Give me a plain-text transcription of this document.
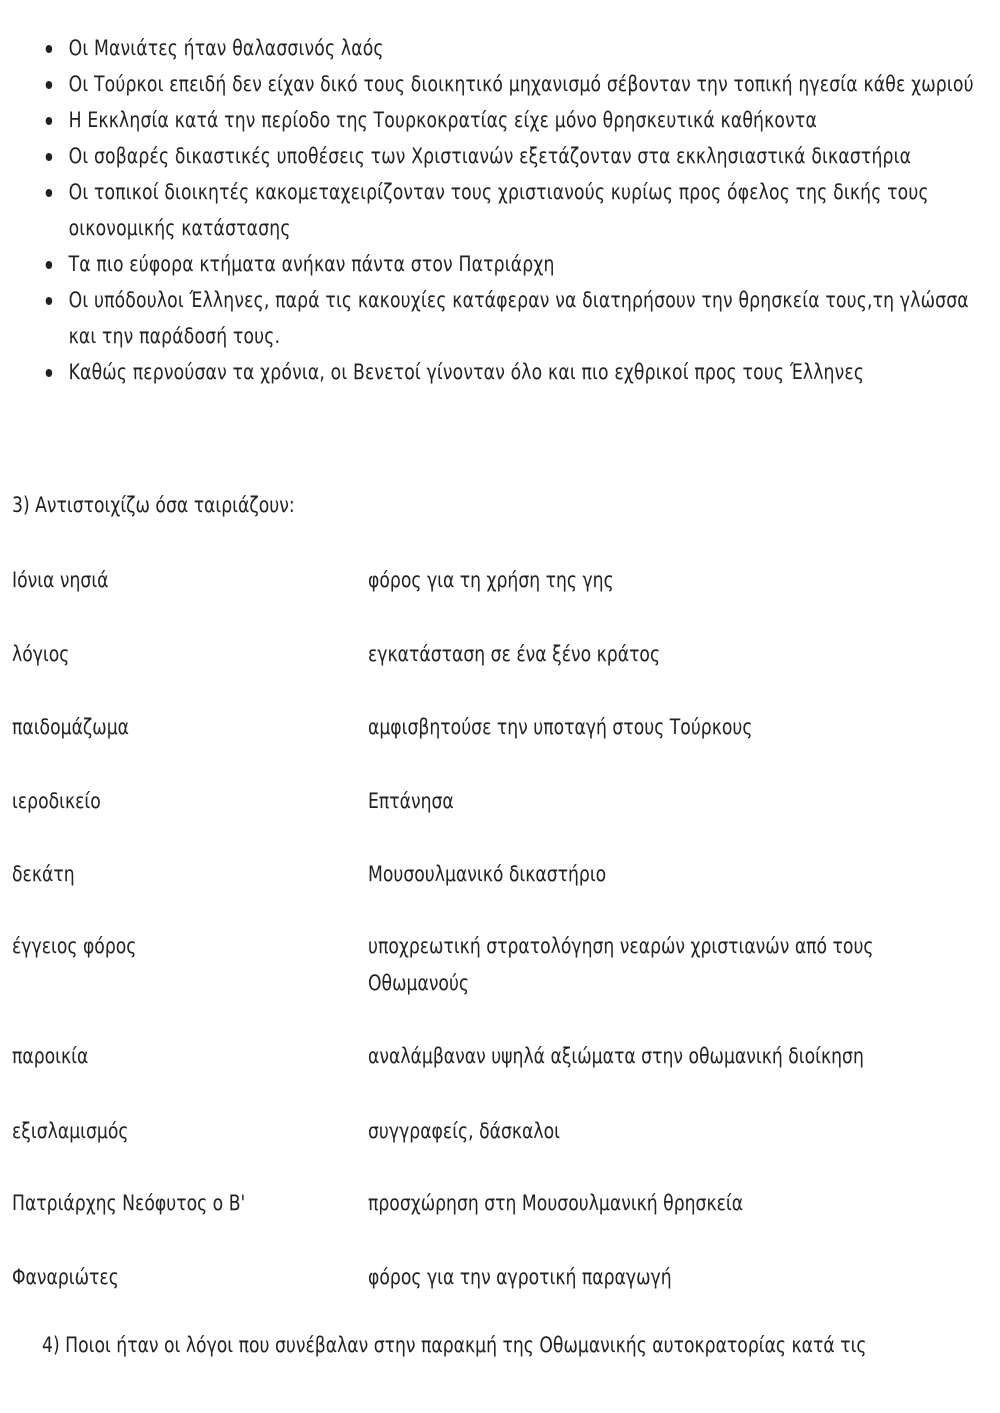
Οι Μανιάτες ήταν θαλασσινός λαός
Οι Τούρκοι επειδή δεν είχαν δικό τους διοικητικό μηχανισμό σέβονταν την τοπική ηγεσία κάθε χωριού
Η Εκκλησία κατά την περίοδο της Τουρκοκρατίας είχε μόνο θρησκευτικά καθήκοντα
Οι σοβαρές δικαστικές υποθέσεις των Χριστιανών εξετάζονταν στα εκκλησιαστικά δικαστήρια
Οι τοπικοί διοικητές κακομεταχειρίζονταν τους χριστιανούς κυρίως προς όφελος της δικής τους οικονομικής κατάστασης
Τα πιο εύφορα κτήματα ανήκαν πάντα στον Πατριάρχη
Οι υπόδουλοι Έλληνες, παρά τις κακουχίες κατάφεραν να διατηρήσουν την θρησκεία τους,τη γλώσσα και την παράδοσή τους.
Καθώς περνούσαν τα χρόνια, οι Βενετοί γίνονταν όλο και πιο εχθρικοί προς τους Έλληνες
3) Αντιστοιχίζω όσα ταιριάζουν:
Ιόνια νησιά	φόρος για τη χρήση της γης
λόγιος	εγκατάσταση σε ένα ξένο κράτος
παιδομάζωμα	αμφισβητούσε την υποταγή στους Τούρκους
ιεροδικείο	Επτάνησα
δεκάτη	Μουσουλμανικό δικαστήριο
έγγειος φόρος	υποχρεωτική στρατολόγηση νεαρών χριστιανών από τους Οθωμανούς
παροικία	αναλάμβαναν υψηλά αξιώματα στην οθωμανική διοίκηση
εξισλαμισμός	συγγραφείς, δάσκαλοι
Πατριάρχης Νεόφυτος ο Β'	προσχώρηση στη Μουσουλμανική θρησκεία
Φαναριώτες	φόρος για την αγροτική παραγωγή
4) Ποιοι ήταν οι λόγοι που συνέβαλαν στην παρακμή της Οθωμανικής αυτοκρατορίας κατά τις
